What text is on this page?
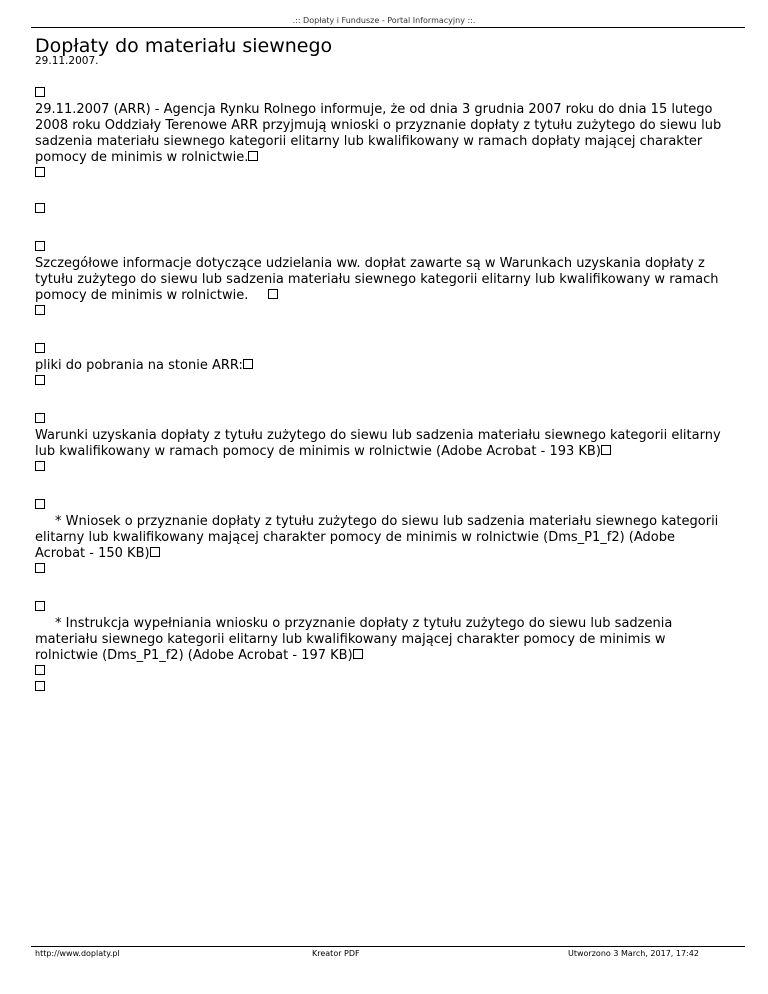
.:: Dopłaty i Fundusze - Portal Informacyjny ::.
Dopłaty do materiału siewnego
29.11.2007.
29.11.2007 (ARR) - Agencja Rynku Rolnego informuje, że od dnia 3 grudnia 2007 roku do dnia 15 lutego
2008 roku Oddziały Terenowe ARR przyjmują wnioski o przyznanie dopłaty z tytułu zużytego do siewu lub
sadzenia materiału siewnego kategorii elitarny lub kwalifikowany w ramach dopłaty mającej charakter
pomocy de minimis w rolnictwie.
Szczegółowe informacje dotyczące udzielania ww. dopłat zawarte są w Warunkach uzyskania dopłaty z
tytułu zużytego do siewu lub sadzenia materiału siewnego kategorii elitarny lub kwalifikowany w ramach
pomocy de minimis w rolnictwie.
pliki do pobrania na stonie ARR:
Warunki uzyskania dopłaty z tytułu zużytego do siewu lub sadzenia materiału siewnego kategorii elitarny
lub kwalifikowany w ramach pomocy de minimis w rolnictwie (Adobe Acrobat - 193 KB)
* Wniosek o przyznanie dopłaty z tytułu zużytego do siewu lub sadzenia materiału siewnego kategorii
elitarny lub kwalifikowany mającej charakter pomocy de minimis w rolnictwie (Dms_P1_f2) (Adobe
Acrobat - 150 KB)
* Instrukcja wypełniania wniosku o przyznanie dopłaty z tytułu zużytego do siewu lub sadzenia
materiału siewnego kategorii elitarny lub kwalifikowany mającej charakter pomocy de minimis w
rolnictwie (Dms_P1_f2) (Adobe Acrobat - 197 KB)
http://www.doplaty.pl	Kreator PDF	Utworzono 3 March, 2017, 17:42
